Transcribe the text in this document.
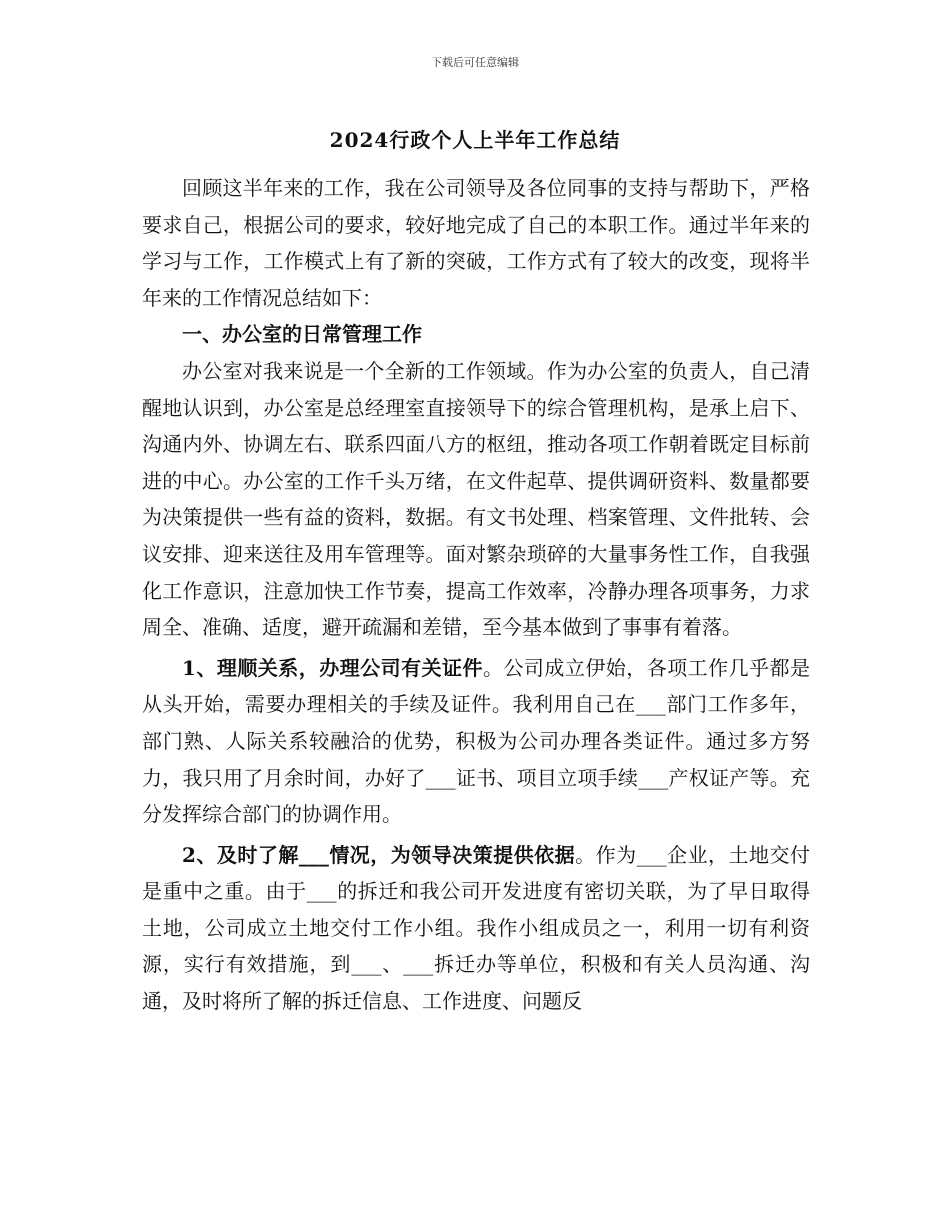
下载后可任意编辑
2024行政个人上半年工作总结

回顾这半年来的工作，我在公司领导及各位同事的支持与帮助下，严格要求自己，根据公司的要求，较好地完成了自己的本职工作。通过半年来的学习与工作，工作模式上有了新的突破，工作方式有了较大的改变，现将半年来的工作情况总结如下：

一、办公室的日常管理工作

办公室对我来说是一个全新的工作领域。作为办公室的负责人，自己清醒地认识到，办公室是总经理室直接领导下的综合管理机构，是承上启下、沟通内外、协调左右、联系四面八方的枢纽，推动各项工作朝着既定目标前进的中心。办公室的工作千头万绪，在文件起草、提供调研资料、数量都要为决策提供一些有益的资料，数据。有文书处理、档案管理、文件批转、会议安排、迎来送往及用车管理等。面对繁杂琐碎的大量事务性工作，自我强化工作意识，注意加快工作节奏，提高工作效率，冷静办理各项事务，力求周全、准确、适度，避开疏漏和差错，至今基本做到了事事有着落。

1、理顺关系，办理公司有关证件。公司成立伊始，各项工作几乎都是从头开始，需要办理相关的手续及证件。我利用自己在___部门工作多年，部门熟、人际关系较融洽的优势，积极为公司办理各类证件。通过多方努力，我只用了月余时间，办好了___证书、项目立项手续___产权证产等。充分发挥综合部门的协调作用。

2、及时了解___情况，为领导决策提供依据。作为___企业，土地交付是重中之重。由于___的拆迁和我公司开发进度有密切关联，为了早日取得土地，公司成立土地交付工作小组。我作小组成员之一，利用一切有利资源，实行有效措施，到___、___拆迁办等单位，积极和有关人员沟通、沟通，及时将所了解的拆迁信息、工作进度、问题反
